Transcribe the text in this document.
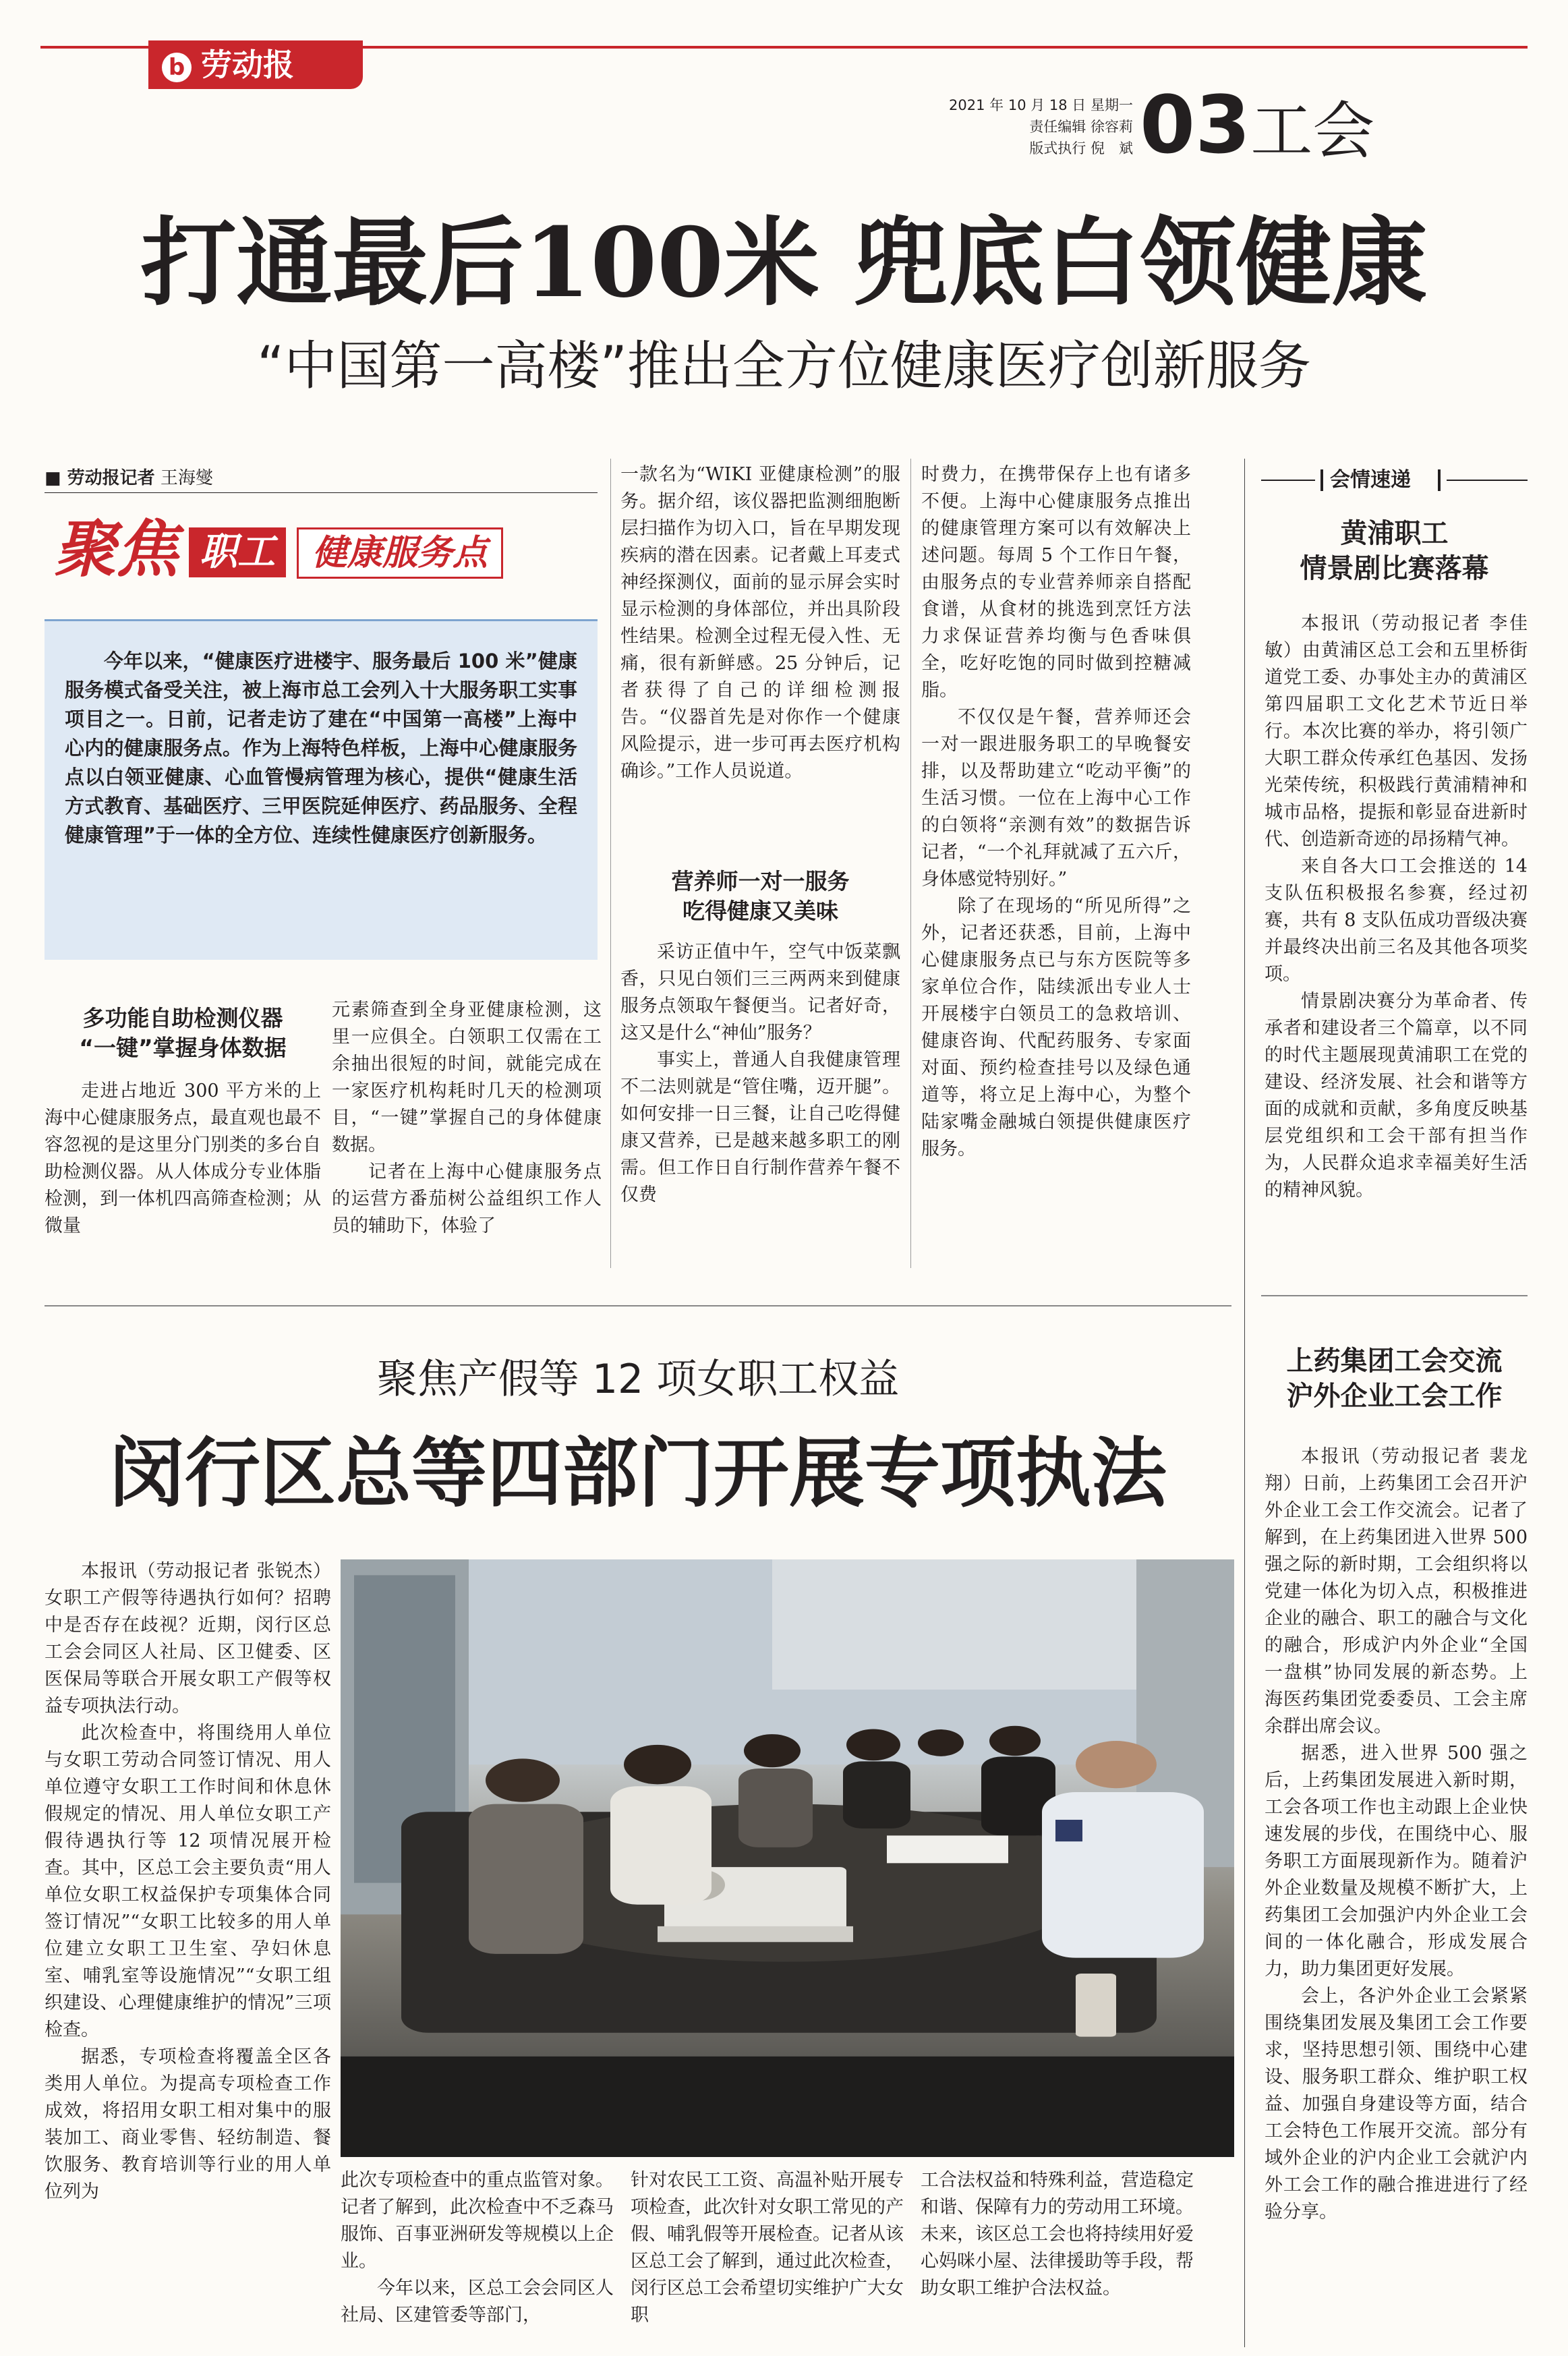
b 劳动报
2021 年 10 月 18 日 星期一
责任编辑 徐容莉
版式执行 倪　斌 03工会
打通最后100米 兜底白领健康
“中国第一高楼”推出全方位健康医疗创新服务
■ 劳动报记者 王海燮
聚焦 职工	健康服务点
今年以来，“健康医疗进楼宇、服务最后 100 米”健康服务模式备受关注，被上海市总工会列入十大服务职工实事项目之一。日前，记者走访了建在“中国第一高楼”上海中心内的健康服务点。作为上海特色样板，上海中心健康服务点以白领亚健康、心血管慢病管理为核心，提供“健康生活方式教育、基础医疗、三甲医院延伸医疗、药品服务、全程健康管理”于一体的全方位、连续性健康医疗创新服务。
多功能自助检测仪器
“一键”掌握身体数据

走进占地近 300 平方米的上海中心健康服务点，最直观也最不容忽视的是这里分门别类的多台自助检测仪器。从人体成分专业体脂检测，到一体机四高筛查检测；从微量

元素筛查到全身亚健康检测，这里一应俱全。白领职工仅需在工余抽出很短的时间，就能完成在一家医疗机构耗时几天的检测项目，“一键”掌握自己的身体健康数据。

记者在上海中心健康服务点的运营方番茄树公益组织工作人员的辅助下，体验了

一款名为“WIKI 亚健康检测”的服务。据介绍，该仪器把监测细胞断层扫描作为切入口，旨在早期发现疾病的潜在因素。记者戴上耳麦式神经探测仪，面前的显示屏会实时显示检测的身体部位，并出具阶段性结果。检测全过程无侵入性、无痛，很有新鲜感。25 分钟后，记者获得了自己的详细检测报告。“仪器首先是对你作一个健康风险提示，进一步可再去医疗机构确诊。”工作人员说道。

营养师一对一服务
吃得健康又美味

采访正值中午，空气中饭菜飘香，只见白领们三三两两来到健康服务点领取午餐便当。记者好奇，这又是什么“神仙”服务？

事实上，普通人自我健康管理不二法则就是“管住嘴，迈开腿”。如何安排一日三餐，让自己吃得健康又营养，已是越来越多职工的刚需。但工作日自行制作营养午餐不仅费

时费力，在携带保存上也有诸多不便。上海中心健康服务点推出的健康管理方案可以有效解决上述问题。每周 5 个工作日午餐，由服务点的专业营养师亲自搭配食谱，从食材的挑选到烹饪方法力求保证营养均衡与色香味俱全，吃好吃饱的同时做到控糖减脂。

不仅仅是午餐，营养师还会一对一跟进服务职工的早晚餐安排，以及帮助建立“吃动平衡”的生活习惯。一位在上海中心工作的白领将“亲测有效”的数据告诉记者，“一个礼拜就减了五六斤，身体感觉特别好。”

除了在现场的“所见所得”之外，记者还获悉，目前，上海中心健康服务点已与东方医院等多家单位合作，陆续派出专业人士开展楼宇白领员工的急救培训、健康咨询、代配药服务、专家面对面、预约检查挂号以及绿色通道等，将立足上海中心，为整个陆家嘴金融城白领提供健康医疗服务。

会情速递
黄浦职工
情景剧比赛落幕

本报讯（劳动报记者 李佳敏）由黄浦区总工会和五里桥街道党工委、办事处主办的黄浦区第四届职工文化艺术节近日举行。本次比赛的举办，将引领广大职工群众传承红色基因、发扬光荣传统，积极践行黄浦精神和城市品格，提振和彰显奋进新时代、创造新奇迹的昂扬精气神。

来自各大口工会推送的 14 支队伍积极报名参赛，经过初赛，共有 8 支队伍成功晋级决赛并最终决出前三名及其他各项奖项。

情景剧决赛分为革命者、传承者和建设者三个篇章，以不同的时代主题展现黄浦职工在党的建设、经济发展、社会和谐等方面的成就和贡献，多角度反映基层党组织和工会干部有担当作为，人民群众追求幸福美好生活的精神风貌。

上药集团工会交流
沪外企业工会工作

本报讯（劳动报记者 裴龙翔）日前，上药集团工会召开沪外企业工会工作交流会。记者了解到，在上药集团进入世界 500 强之际的新时期，工会组织将以党建一体化为切入点，积极推进企业的融合、职工的融合与文化的融合，形成沪内外企业“全国一盘棋”协同发展的新态势。上海医药集团党委委员、工会主席余群出席会议。

据悉，进入世界 500 强之后，上药集团发展进入新时期，工会各项工作也主动跟上企业快速发展的步伐，在围绕中心、服务职工方面展现新作为。随着沪外企业数量及规模不断扩大，上药集团工会加强沪内外企业工会间的一体化融合，形成发展合力，助力集团更好发展。

会上，各沪外企业工会紧紧围绕集团发展及集团工会工作要求，坚持思想引领、围绕中心建设、服务职工群众、维护职工权益、加强自身建设等方面，结合工会特色工作展开交流。部分有域外企业的沪内企业工会就沪内外工会工作的融合推进进行了经验分享。

聚焦产假等 12 项女职工权益
闵行区总等四部门开展专项执法

本报讯（劳动报记者 张锐杰）女职工产假等待遇执行如何？招聘中是否存在歧视？近期，闵行区总工会会同区人社局、区卫健委、区医保局等联合开展女职工产假等权益专项执法行动。

此次检查中，将围绕用人单位与女职工劳动合同签订情况、用人单位遵守女职工工作时间和休息休假规定的情况、用人单位女职工产假待遇执行等 12 项情况展开检查。其中，区总工会主要负责“用人单位女职工权益保护专项集体合同签订情况”“女职工比较多的用人单位建立女职工卫生室、孕妇休息室、哺乳室等设施情况”“女职工组织建设、心理健康维护的情况”三项检查。

据悉，专项检查将覆盖全区各类用人单位。为提高专项检查工作成效，将招用女职工相对集中的服装加工、商业零售、轻纺制造、餐饮服务、教育培训等行业的用人单位列为

此次专项检查中的重点监管对象。记者了解到，此次检查中不乏森马服饰、百事亚洲研发等规模以上企业。

今年以来，区总工会会同区人社局、区建管委等部门，

针对农民工工资、高温补贴开展专项检查，此次针对女职工常见的产假、哺乳假等开展检查。记者从该区总工会了解到，通过此次检查，闵行区总工会希望切实维护广大女职

工合法权益和特殊利益，营造稳定和谐、保障有力的劳动用工环境。未来，该区总工会也将持续用好爱心妈咪小屋、法律援助等手段，帮助女职工维护合法权益。
